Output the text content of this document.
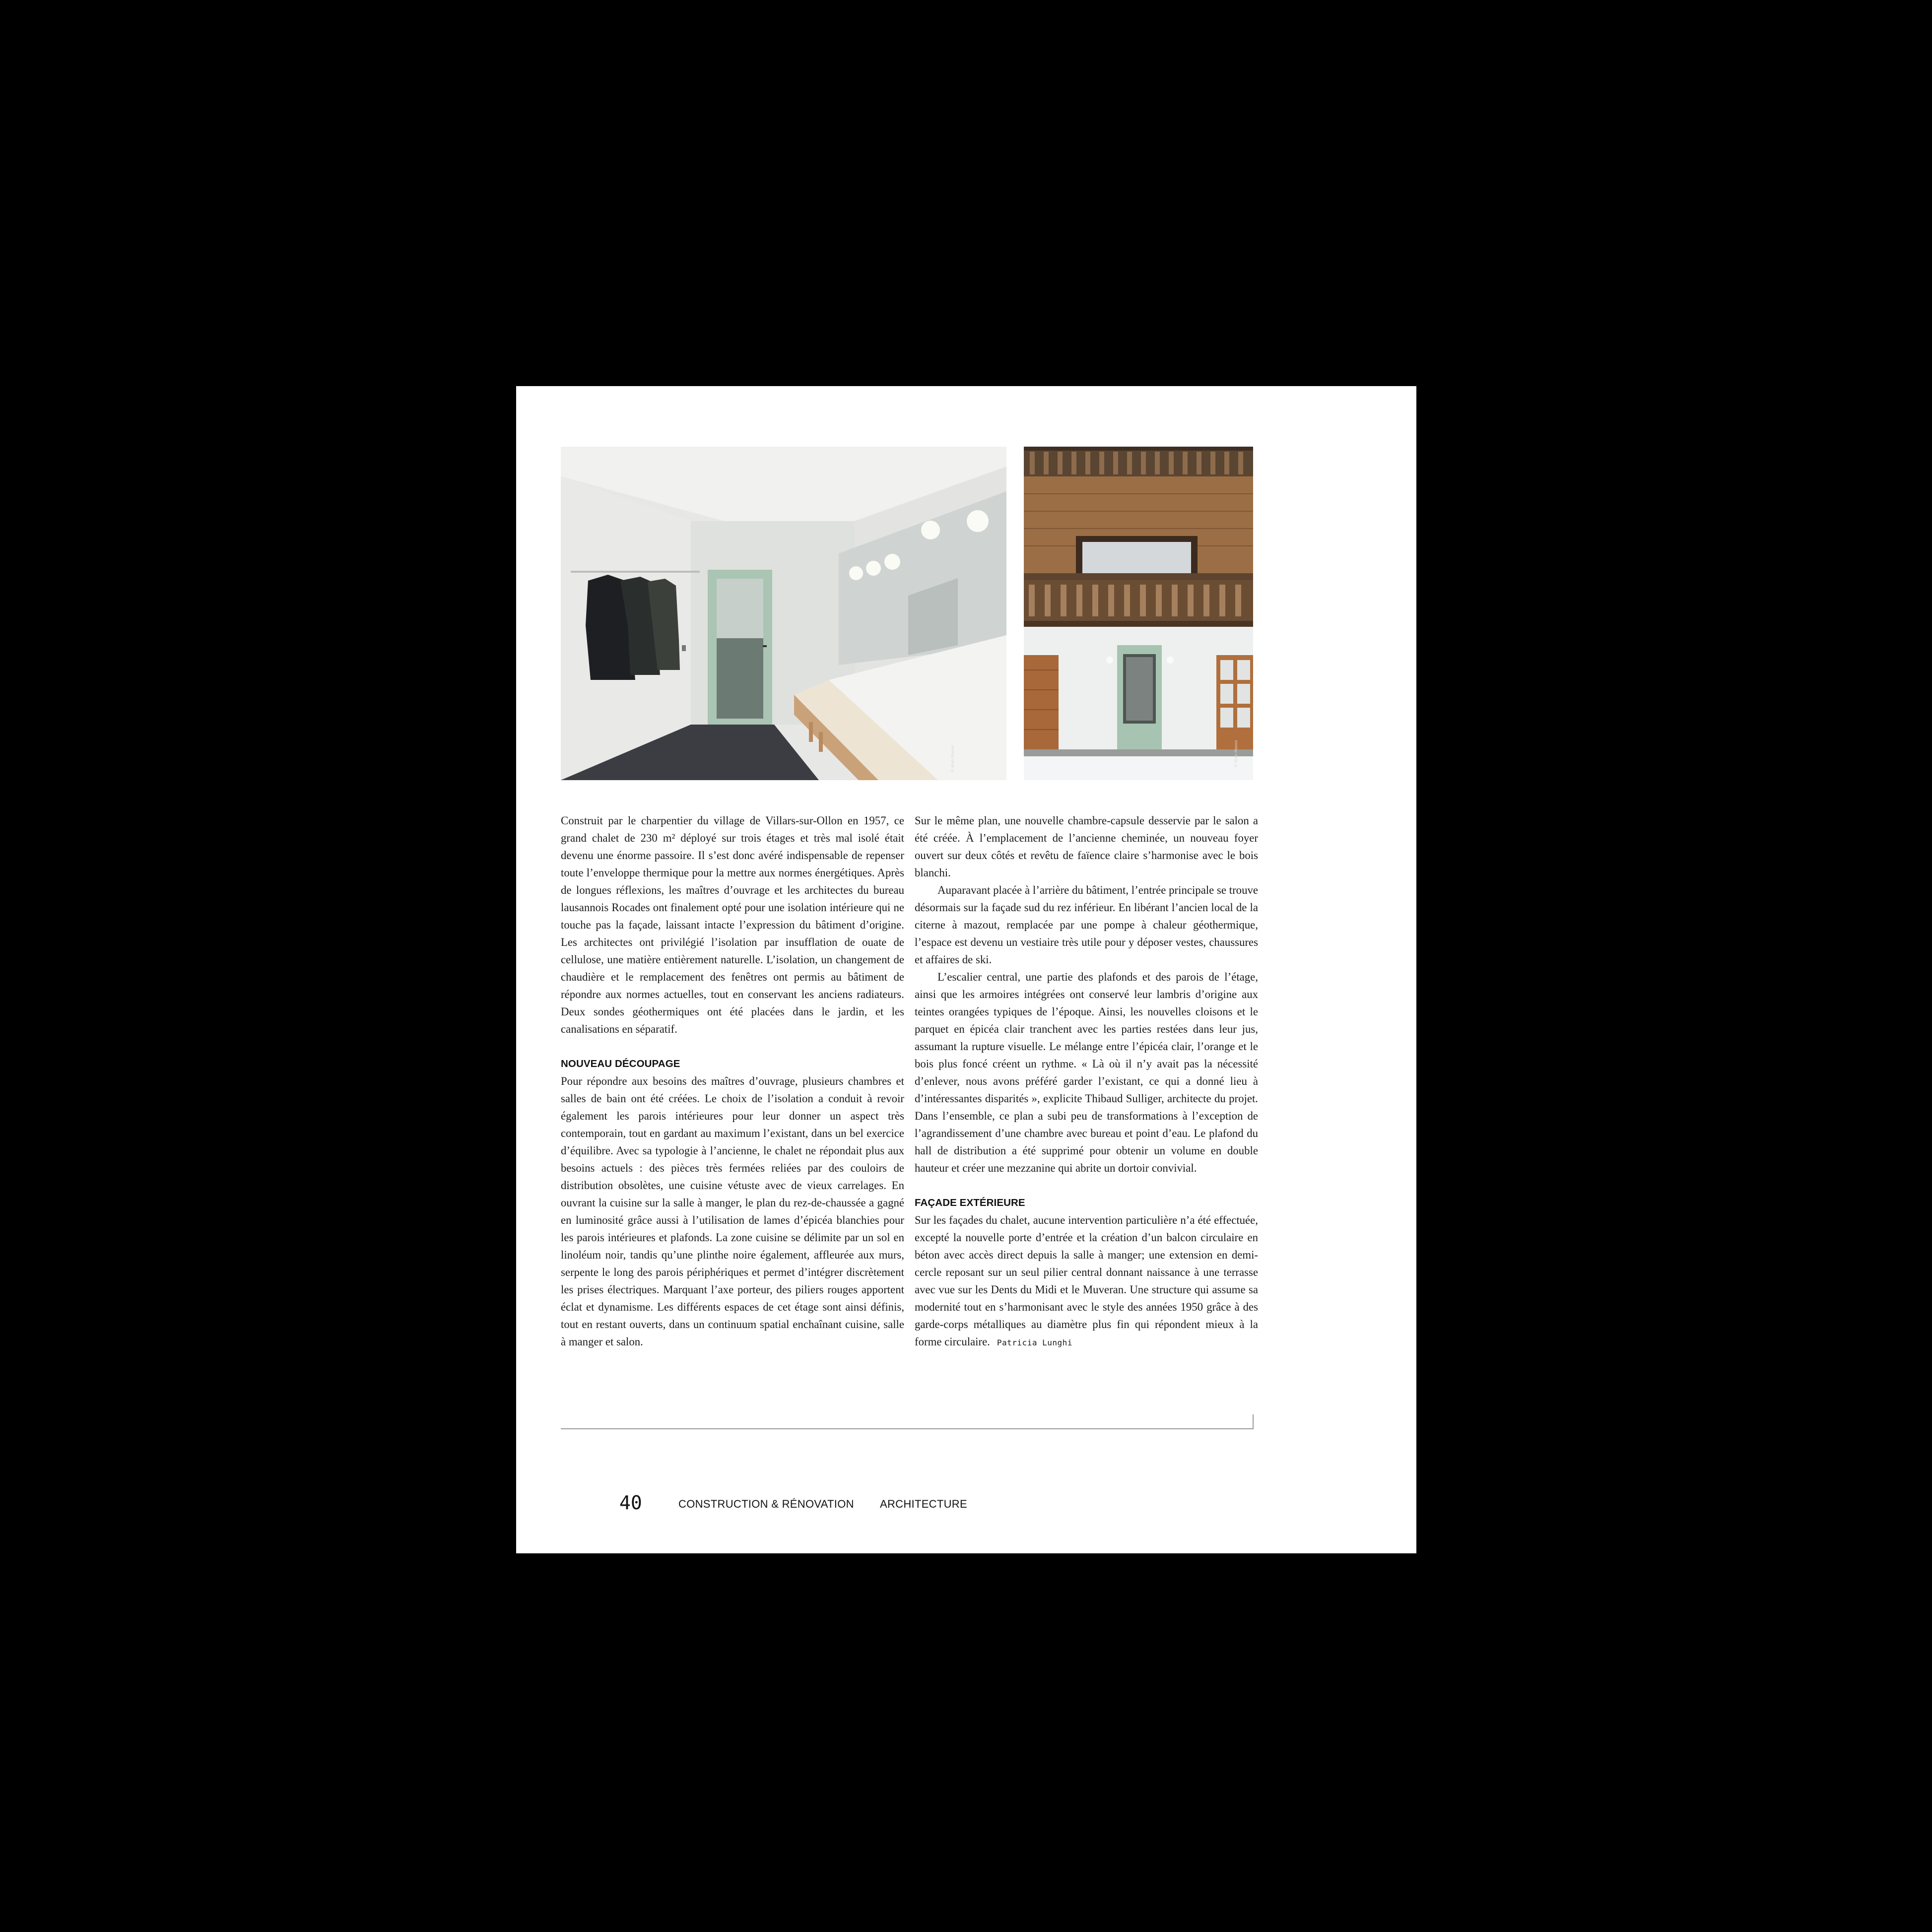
© Alan Hasoo	© Alan Hasoo

Construit par le charpentier du village de Villars-sur-Ollon en 1957, ce grand chalet de 230 m² déployé sur trois étages et très mal isolé était devenu une énorme passoire. Il s’est donc avéré indispensable de repenser toute l’enveloppe thermique pour la mettre aux normes énergétiques. Après de longues réflexions, les maîtres d’ouvrage et les architectes du bureau lausannois Rocades ont finalement opté pour une isolation intérieure qui ne touche pas la façade, laissant intacte l’expression du bâtiment d’origine. Les architectes ont privilégié l’isolation par insufflation de ouate de cellulose, une matière entièrement naturelle. L’isolation, un changement de chaudière et le remplacement des fenêtres ont permis au bâtiment de répondre aux normes actuelles, tout en conservant les anciens radiateurs. Deux sondes géothermiques ont été placées dans le jardin, et les canalisations en séparatif.

NOUVEAU DÉCOUPAGE

Pour répondre aux besoins des maîtres d’ouvrage, plusieurs chambres et salles de bain ont été créées. Le choix de l’isolation a conduit à revoir également les parois intérieures pour leur donner un aspect très contemporain, tout en gardant au maximum l’existant, dans un bel exercice d’équilibre. Avec sa typologie à l’ancienne, le chalet ne répondait plus aux besoins actuels : des pièces très fermées reliées par des couloirs de distribution obsolètes, une cuisine vétuste avec de vieux carrelages. En ouvrant la cuisine sur la salle à manger, le plan du rez-de-chaussée a gagné en luminosité grâce aussi à l’utilisation de lames d’épicéa blanchies pour les parois intérieures et plafonds. La zone cuisine se délimite par un sol en linoléum noir, tandis qu’une plinthe noire également, affleurée aux murs, serpente le long des parois périphériques et permet d’intégrer discrètement les prises électriques. Marquant l’axe porteur, des piliers rouges apportent éclat et dynamisme. Les différents espaces de cet étage sont ainsi définis, tout en restant ouverts, dans un continuum spatial enchaînant cuisine, salle à manger et salon.

Sur le même plan, une nouvelle chambre-capsule desservie par le salon a été créée. À l’emplacement de l’ancienne cheminée, un nouveau foyer ouvert sur deux côtés et revêtu de faïence claire s’harmonise avec le bois blanchi.

Auparavant placée à l’arrière du bâtiment, l’entrée principale se trouve désormais sur la façade sud du rez inférieur. En libérant l’ancien local de la citerne à mazout, remplacée par une pompe à chaleur géothermique, l’espace est devenu un vestiaire très utile pour y déposer vestes, chaussures et affaires de ski.

L’escalier central, une partie des plafonds et des parois de l’étage, ainsi que les armoires intégrées ont conservé leur lambris d’origine aux teintes orangées typiques de l’époque. Ainsi, les nouvelles cloisons et le parquet en épicéa clair tranchent avec les parties restées dans leur jus, assumant la rupture visuelle. Le mélange entre l’épicéa clair, l’orange et le bois plus foncé créent un rythme. « Là où il n’y avait pas la nécessité d’enlever, nous avons préféré garder l’existant, ce qui a donné lieu à d’intéressantes disparités », explicite Thibaud Sulliger, architecte du projet. Dans l’ensemble, ce plan a subi peu de transformations à l’exception de l’agrandissement d’une chambre avec bureau et point d’eau. Le plafond du hall de distribution a été supprimé pour obtenir un volume en double hauteur et créer une mezzanine qui abrite un dortoir convivial.

FAÇADE EXTÉRIEURE

Sur les façades du chalet, aucune intervention particulière n’a été effectuée, excepté la nouvelle porte d’entrée et la création d’un balcon circulaire en béton avec accès direct depuis la salle à manger; une extension en demi-cercle reposant sur un seul pilier central donnant naissance à une terrasse avec vue sur les Dents du Midi et le Muveran. Une structure qui assume sa modernité tout en s’harmonisant avec le style des années 1950 grâce à des garde-corps métalliques au diamètre plus fin qui répondent mieux à la forme circulaire. Patricia Lunghi

40	CONSTRUCTION & RÉNOVATION ARCHITECTURE
